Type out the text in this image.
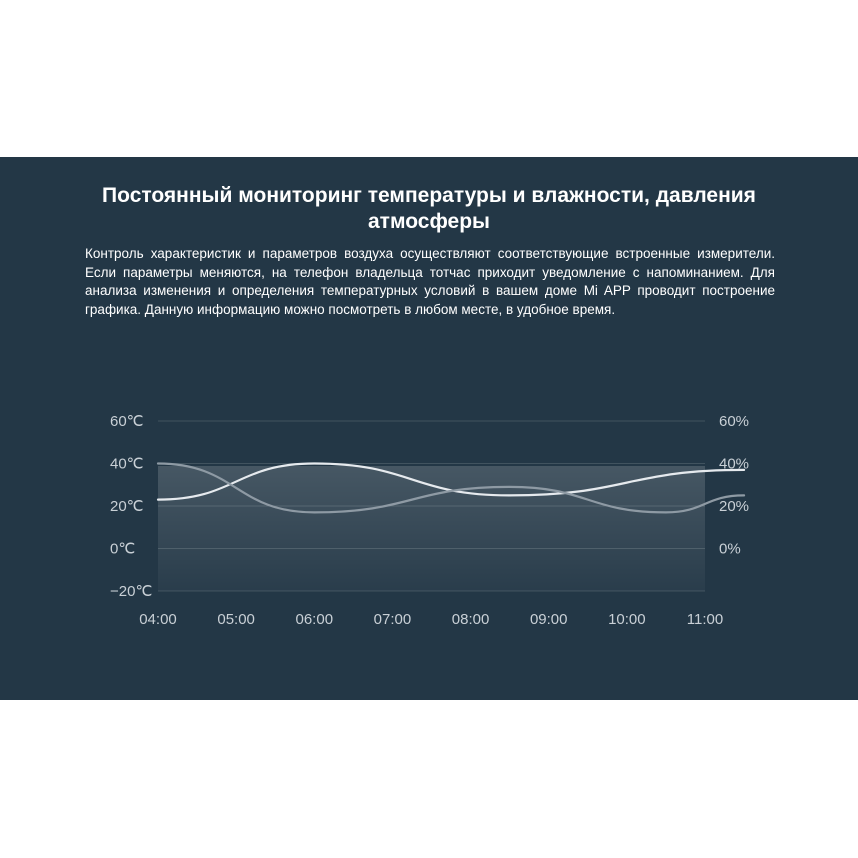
Постоянный мониторинг температуры и влажности, давления атмосферы

Контроль характеристик и параметров воздуха осуществляют соответствующие встроенные измерители. Если параметры меняются, на телефон владельца тотчас приходит уведомление с напоминанием. Для анализа изменения и определения температурных условий в вашем доме Mi APP проводит построение графика. Данную информацию можно посмотреть в любом месте, в удобное время.

60℃
40℃
20℃
0℃
−20℃
60%
40%
20%
0%
04:00	05:00	06:00	07:00	08:00	09:00	10:00	11:00
